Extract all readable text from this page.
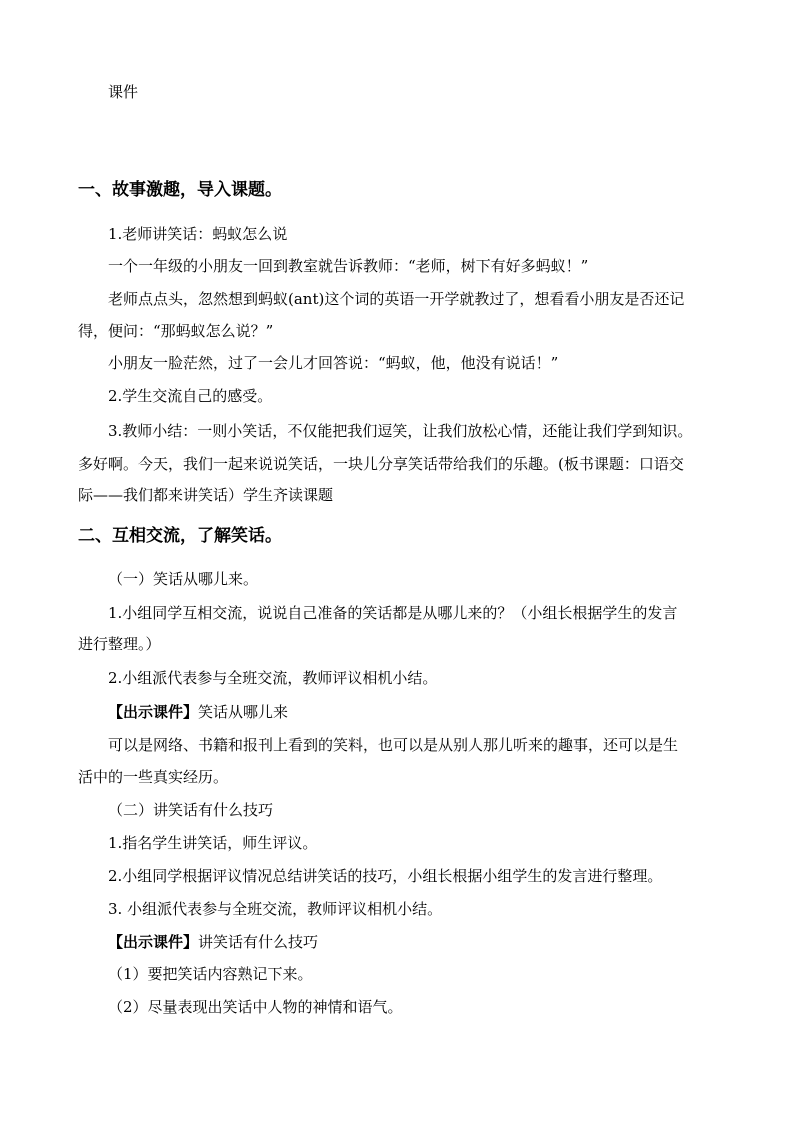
课件
一、故事激趣，导入课题。
1.老师讲笑话：蚂蚁怎么说
一个一年级的小朋友一回到教室就告诉教师：“老师，树下有好多蚂蚁！”
老师点点头，忽然想到蚂蚁(ant)这个词的英语一开学就教过了，想看看小朋友是否还记
得，便问：“那蚂蚁怎么说？”
小朋友一脸茫然，过了一会儿才回答说：“蚂蚁，他，他没有说话！”
2.学生交流自己的感受。
3.教师小结：一则小笑话，不仅能把我们逗笑，让我们放松心情，还能让我们学到知识。
多好啊。今天，我们一起来说说笑话，一块儿分享笑话带给我们的乐趣。(板书课题：口语交
际——我们都来讲笑话）学生齐读课题
二、互相交流，了解笑话。
（一）笑话从哪儿来。
1.小组同学互相交流，说说自己准备的笑话都是从哪儿来的？（小组长根据学生的发言
进行整理。）
2.小组派代表参与全班交流，教师评议相机小结。
【出示课件】笑话从哪儿来
可以是网络、书籍和报刊上看到的笑料，也可以是从别人那儿听来的趣事，还可以是生
活中的一些真实经历。
（二）讲笑话有什么技巧
1.指名学生讲笑话，师生评议。
2.小组同学根据评议情况总结讲笑话的技巧，小组长根据小组学生的发言进行整理。
3. 小组派代表参与全班交流，教师评议相机小结。
【出示课件】讲笑话有什么技巧
（1）要把笑话内容熟记下来。
（2）尽量表现出笑话中人物的神情和语气。
